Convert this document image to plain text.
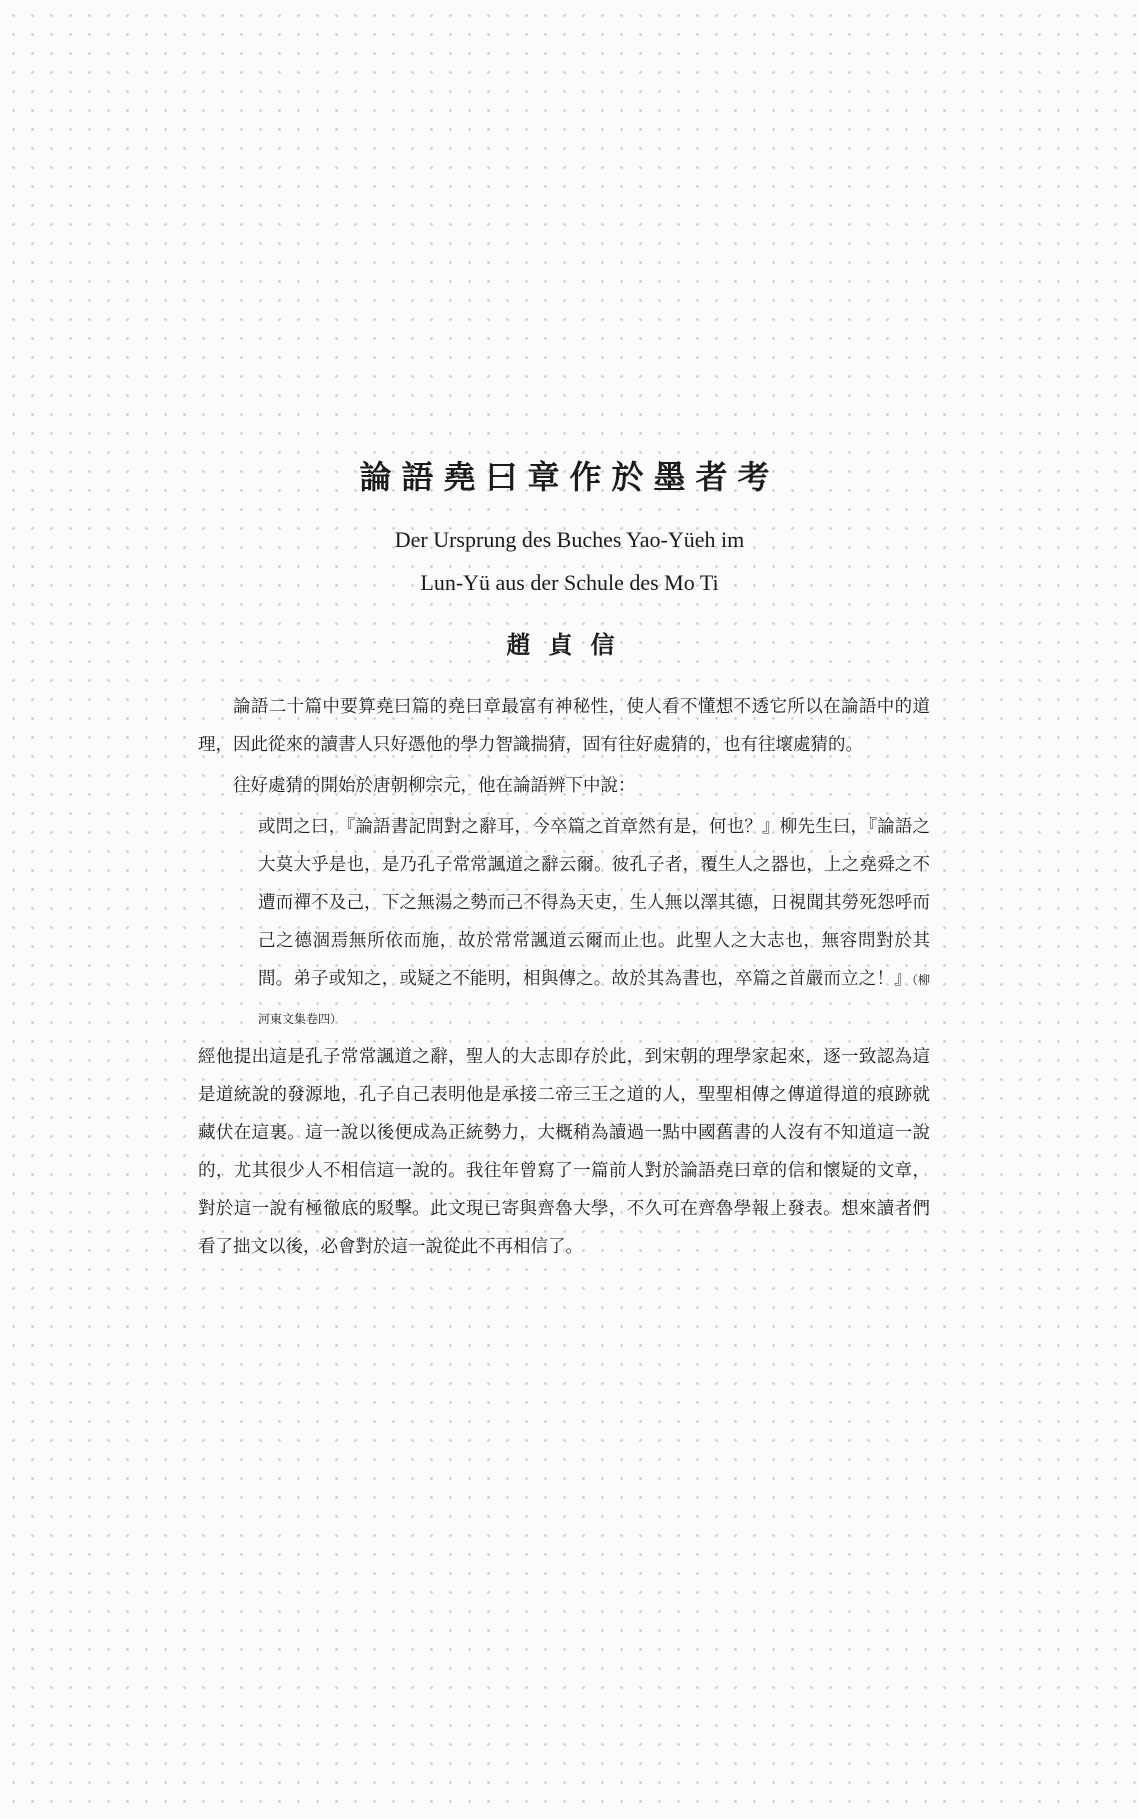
論語堯曰章作於墨者考

Der Ursprung des Buches Yao-Yüeh im

Lun-Yü aus der Schule des Mo Ti

趙貞信

論語二十篇中要算堯曰篇的堯曰章最富有神秘性，使人看不懂想不透它所以在論語中的道理，因此從來的讀書人只好憑他的學力智識揣猜，固有往好處猜的，也有往壞處猜的。

往好處猜的開始於唐朝柳宗元，他在論語辨下中說：

或問之曰，『論語書記問對之辭耳，今卒篇之首章然有是，何也？』柳先生曰，『論語之大莫大乎是也，是乃孔子常常諷道之辭云爾。彼孔子者，覆生人之器也，上之堯舜之不遭而禪不及己，下之無湯之勢而己不得為天吏，生人無以澤其德，日視聞其勞死怨呼而己之德涸焉無所依而施，故於常常諷道云爾而止也。此聖人之大志也，無容問對於其間。弟子或知之，或疑之不能明，相與傳之。故於其為書也，卒篇之首嚴而立之！』（柳河東文集卷四）

經他提出這是孔子常常諷道之辭，聖人的大志即存於此，到宋朝的理學家起來，逐一致認為這是道統說的發源地，孔子自己表明他是承接二帝三王之道的人，聖聖相傳之傳道得道的痕跡就藏伏在這裏。這一說以後便成為正統勢力，大概稍為讀過一點中國舊書的人沒有不知道這一說的，尤其很少人不相信這一說的。我往年曾寫了一篇前人對於論語堯曰章的信和懷疑的文章，對於這一說有極徹底的駁擊。此文現已寄與齊魯大學，不久可在齊魯學報上發表。想來讀者們看了拙文以後，必會對於這一說從此不再相信了。
